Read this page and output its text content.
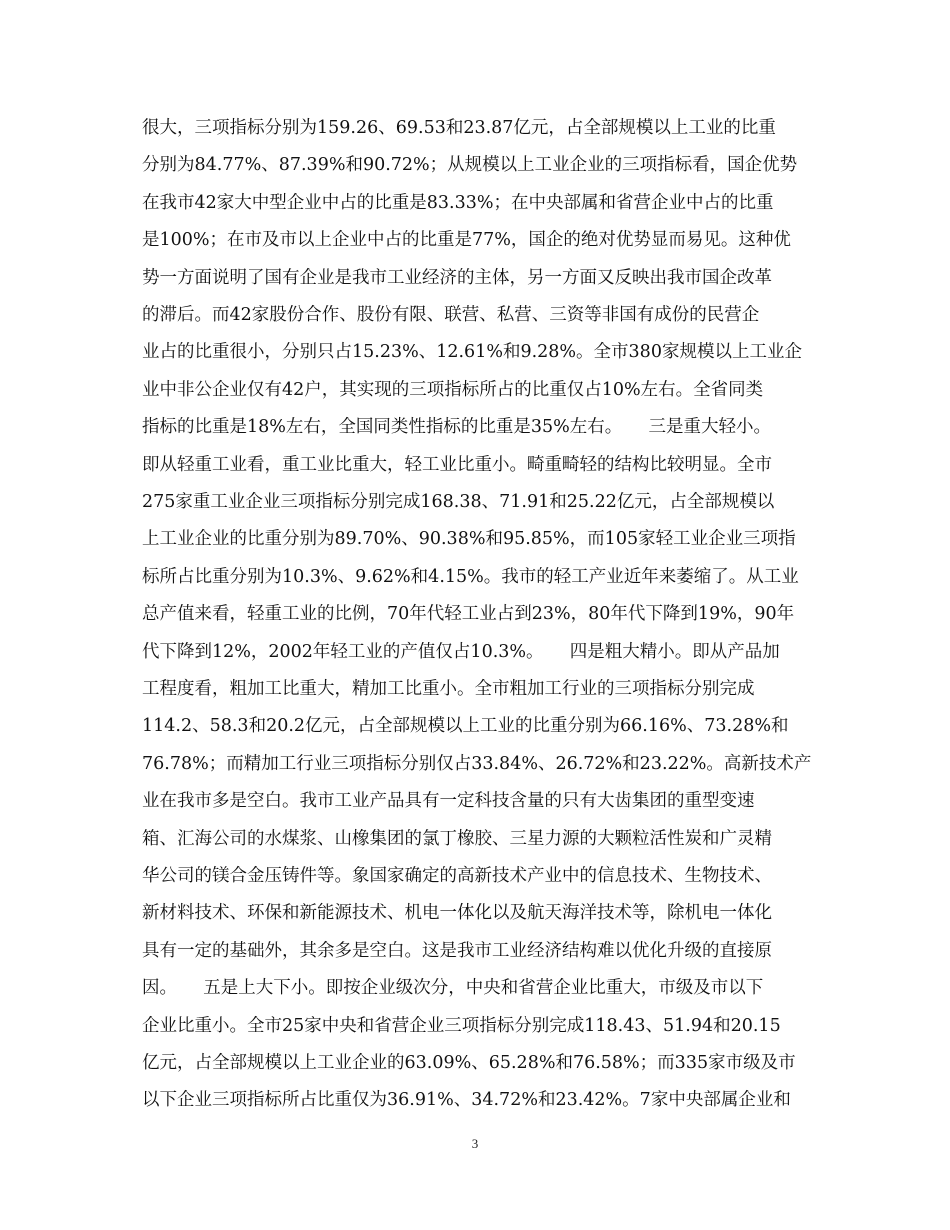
很大，三项指标分别为159.26、69.53和23.87亿元，占全部规模以上工业的比重
分别为84.77%、87.39%和90.72%；从规模以上工业企业的三项指标看，国企优势
在我市42家大中型企业中占的比重是83.33%；在中央部属和省营企业中占的比重
是100%；在市及市以上企业中占的比重是77%，国企的绝对优势显而易见。这种优
势一方面说明了国有企业是我市工业经济的主体，另一方面又反映出我市国企改革
的滞后。而42家股份合作、股份有限、联营、私营、三资等非国有成份的民营企
业占的比重很小，分别只占15.23%、12.61%和9.28%。全市380家规模以上工业企
业中非公企业仅有42户，其实现的三项指标所占的比重仅占10%左右。全省同类
指标的比重是18%左右，全国同类性指标的比重是35%左右。　　三是重大轻小。
即从轻重工业看，重工业比重大，轻工业比重小。畸重畸轻的结构比较明显。全市
275家重工业企业三项指标分别完成168.38、71.91和25.22亿元，占全部规模以
上工业企业的比重分别为89.70%、90.38%和95.85%，而105家轻工业企业三项指
标所占比重分别为10.3%、9.62%和4.15%。我市的轻工产业近年来萎缩了。从工业
总产值来看，轻重工业的比例，70年代轻工业占到23%，80年代下降到19%，90年
代下降到12%，2002年轻工业的产值仅占10.3%。　　四是粗大精小。即从产品加
工程度看，粗加工比重大，精加工比重小。全市粗加工行业的三项指标分别完成
114.2、58.3和20.2亿元，占全部规模以上工业的比重分别为66.16%、73.28%和
76.78%；而精加工行业三项指标分别仅占33.84%、26.72%和23.22%。高新技术产
业在我市多是空白。我市工业产品具有一定科技含量的只有大齿集团的重型变速
箱、汇海公司的水煤浆、山橡集团的氯丁橡胶、三星力源的大颗粒活性炭和广灵精
华公司的镁合金压铸件等。象国家确定的高新技术产业中的信息技术、生物技术、
新材料技术、环保和新能源技术、机电一体化以及航天海洋技术等，除机电一体化
具有一定的基础外，其余多是空白。这是我市工业经济结构难以优化升级的直接原
因。　　五是上大下小。即按企业级次分，中央和省营企业比重大，市级及市以下
企业比重小。全市25家中央和省营企业三项指标分别完成118.43、51.94和20.15
亿元，占全部规模以上工业企业的63.09%、65.28%和76.58%；而335家市级及市
以下企业三项指标所占比重仅为36.91%、34.72%和23.42%。7家中央部属企业和
3
